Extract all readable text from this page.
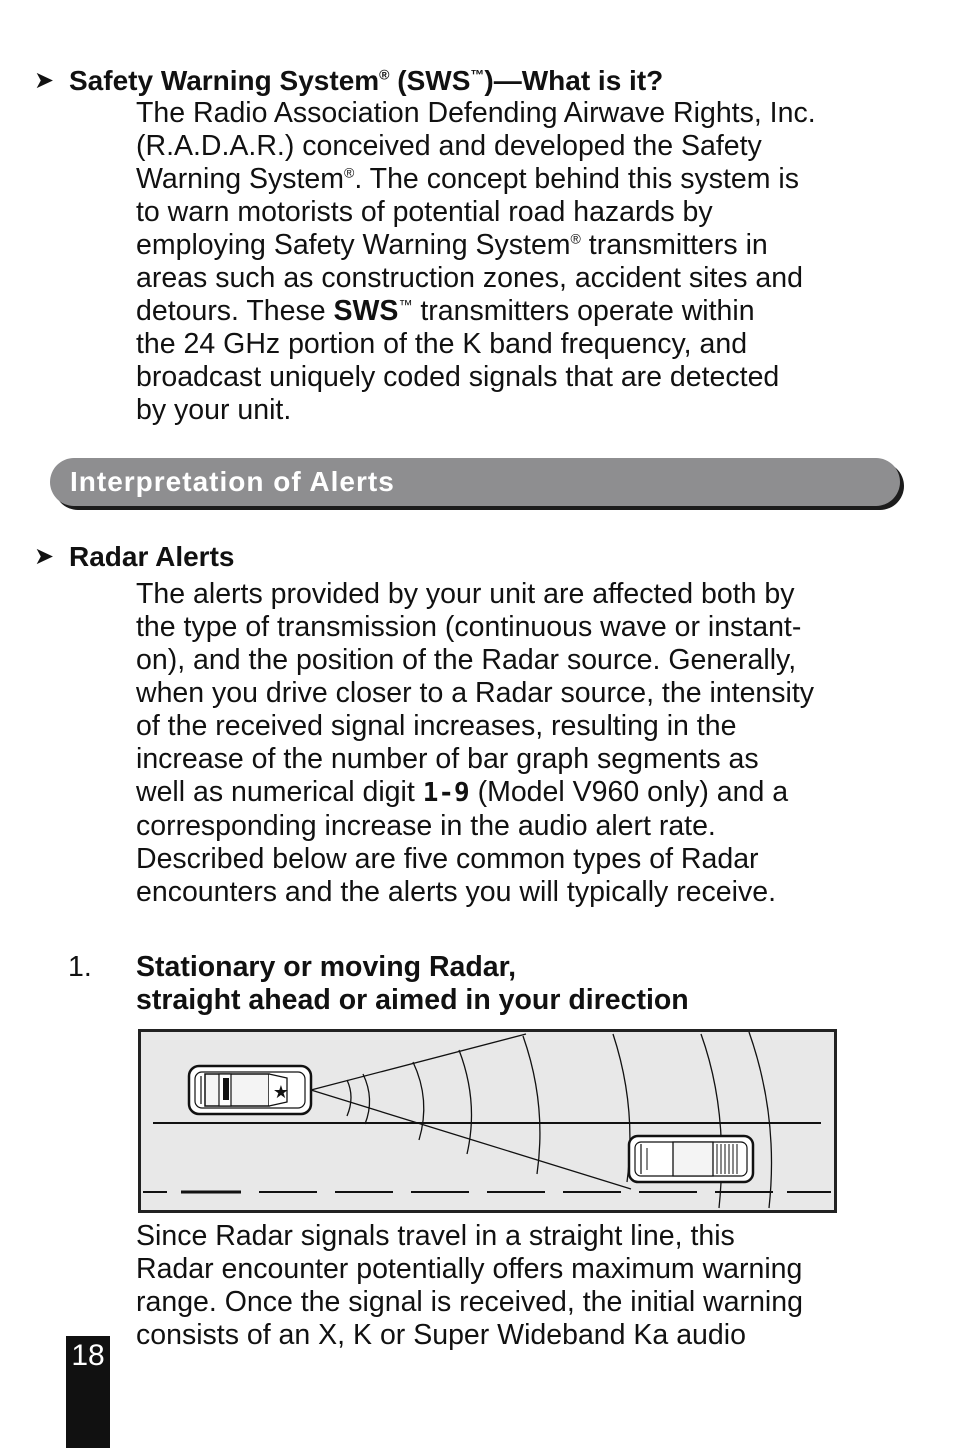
➤ Safety Warning System® (SWS™)—What is it?
The Radio Association Defending Airwave Rights, Inc.
(R.A.D.A.R.) conceived and developed the Safety
Warning System®. The concept behind this system is
to warn motorists of potential road hazards by
employing Safety Warning System® transmitters in
areas such as construction zones, accident sites and
detours. These SWS™ transmitters operate within
the 24 GHz portion of the K band frequency, and
broadcast uniquely coded signals that are detected
by your unit.
Interpretation of Alerts
➤ Radar Alerts
The alerts provided by your unit are affected both by
the type of transmission (continuous wave or instant-
on), and the position of the Radar source. Generally,
when you drive closer to a Radar source, the intensity
of the received signal increases, resulting in the
increase of the number of bar graph segments as
well as numerical digit 1-9 (Model V960 only) and a
corresponding increase in the audio alert rate.
Described below are five common types of Radar
encounters and the alerts you will typically receive.
1. Stationary or moving Radar,
straight ahead or aimed in your direction
★
Since Radar signals travel in a straight line, this
Radar encounter potentially offers maximum warning
range. Once the signal is received, the initial warning
consists of an X, K or Super Wideband Ka audio
18
